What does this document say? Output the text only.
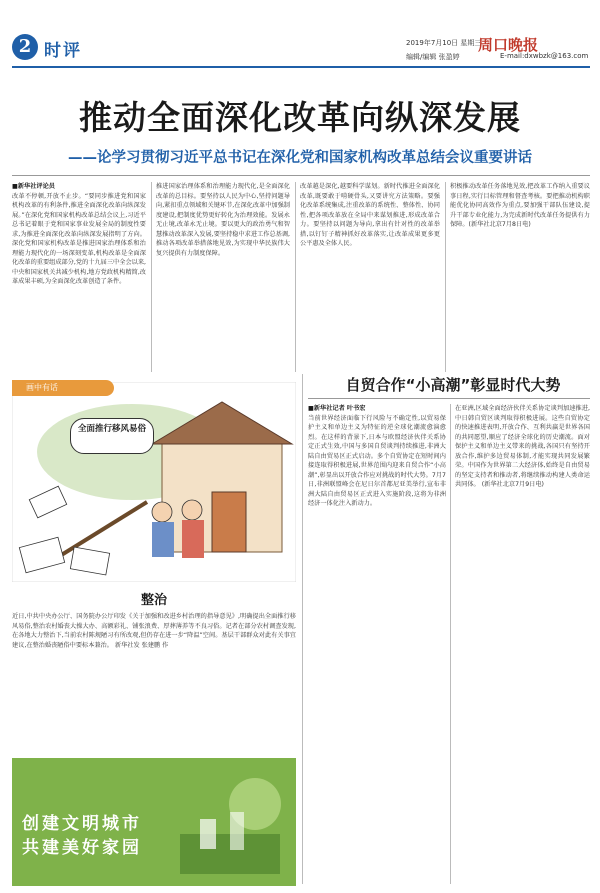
2 时评	2019年7月10日 星期三
编辑/编辑 张盈婷	E-mail:dxwbzk@163.com
周口晚报
推动全面深化改革向纵深发展
——论学习贯彻习近平总书记在深化党和国家机构改革总结会议重要讲话
■新华社评论员
改革不停顿,开放不止步。“要同步推进党和国家机构改革的有利条件,推进全面深化改革向纵深发展。”在深化党和国家机构改革总结会议上,习近平总书记着眼于党和国家事业发展全局的制度性要求,为推进全面深化改革向纵深发展指明了方向。深化党和国家机构改革是推进国家治理体系和治理能力现代化的一场深刻变革,机构改革是全面深化改革的重要组成部分,党的十九届三中全会以来,中央和国家机关共减少机构,地方党政机构精简,改革成果丰硕,为全面深化改革创造了条件。
推进国家治理体系和治理能力现代化,是全面深化改革的总目标。要坚持以人民为中心,坚持问题导向,紧扣重点领域和关键环节,在深化改革中加强制度建设,把制度优势更好转化为治理效能。发展永无止境,改革永无止境。要以更大的政治勇气和智慧推动改革深入发展,要坚持稳中求进工作总基调,推动各项改革举措落地见效,为实现中华民族伟大复兴提供有力制度保障。
改革越是深化,越要科学谋划。新时代推进全面深化改革,既要敢于啃硬骨头,又要讲究方法策略。要强化改革系统集成,注重改革的系统性、整体性、协同性,把各项改革放在全局中来谋划推进,形成改革合力。要坚持以问题为导向,拿出有针对性的改革举措,以钉钉子精神抓好改革落实,让改革成果更多更公平惠及全体人民。
积极推动改革任务落地见效,把改革工作纳入重要议事日程,实行目标管理和督查考核。要把推动机构职能优化协同高效作为重点,要加强干部队伍建设,提升干部专业化能力,为完成新时代改革任务提供有力保障。(新华社北京7月8日电)
全面推行移风易俗
画中有话
整治
近日,中共中央办公厅、国务院办公厅印发《关于加强和改进乡村治理的指导意见》,明确提出全面推行移风易俗,整治农村婚丧大操大办、高额彩礼、铺张浪费、厚葬薄养等不良习俗。记者在部分农村调查发现,在各地大力整治下,当前农村陈规陋习有所改观,但仍存在进一步“降温”空间。基层干部群众对此有关事宜建议,在整治婚丧陋俗中要标本兼治。 新华社发 张建鹏 作
创建文明城市
共建美好家园
自贸合作“小高潮”彰显时代大势
■新华社记者 叶书宏
当前世界经济面临下行风险与不确定性,以贸易保护主义和单边主义为特征的逆全球化潮流愈演愈烈。在这样的背景下,日本与欧盟经济伙伴关系协定正式生效,中国与多国自贸谈判持续推进,非洲大陆自由贸易区正式启动。多个自贸协定在短时间内接连取得积极进展,世界范围内迎来自贸合作“小高潮”,彰显出以开放合作应对挑战的时代大势。7月7日,非洲联盟峰会在尼日尔首都尼亚美举行,宣布非洲大陆自由贸易区正式进入实施阶段,这将为非洲经济一体化注入新动力。
在亚洲,区域全面经济伙伴关系协定谈判加速推进,中日韩自贸区谈判取得积极进展。这些自贸协定的快速推进表明,开放合作、互利共赢是世界各国的共同愿望,顺应了经济全球化的历史潮流。面对保护主义和单边主义带来的挑战,各国只有坚持开放合作,维护多边贸易体制,才能实现共同发展繁荣。中国作为世界第二大经济体,始终是自由贸易的坚定支持者和推动者,将继续推动构建人类命运共同体。 (新华社北京7月9日电)
